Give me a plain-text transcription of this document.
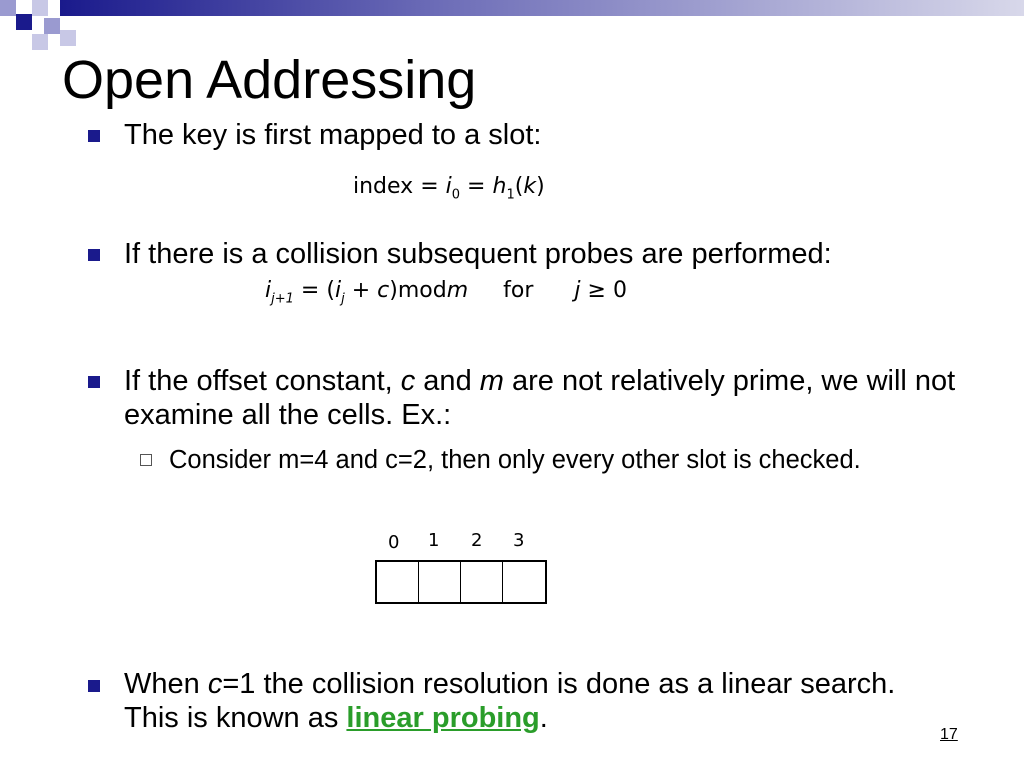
Open Addressing
The key is first mapped to a slot:
index = $i_0 = h_1(k)$
If there is a collision subsequent probes are performed:
$i_{j+1} = (i_j$ + c)modm for j ≥ 0
If the offset constant, c and m are not relatively prime, we will not examine all the cells. Ex.:
Consider m=4 and c=2, then only every other slot is checked.
0 1 2 3
When c=1 the collision resolution is done as a linear search. This is known as linear probing.
17
